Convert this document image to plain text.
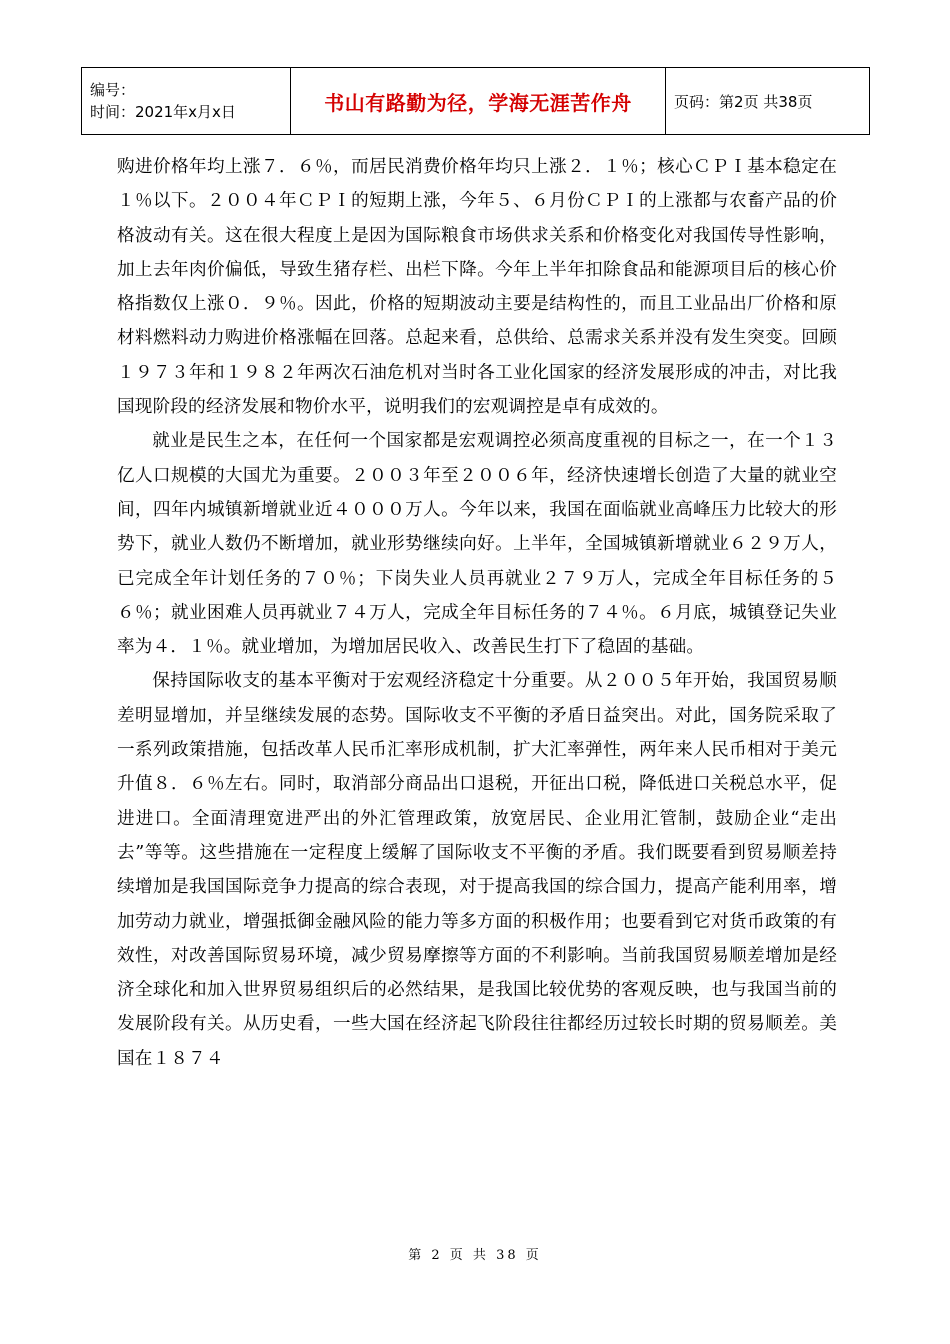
编号：
时间：2021年x月x日	书山有路勤为径，学海无涯苦作舟	页码：第2页 共38页

购进价格年均上涨７．６％，而居民消费价格年均只上涨２．１％；核心ＣＰＩ基本稳定在１％以下。２００４年ＣＰＩ的短期上涨，今年５、６月份ＣＰＩ的上涨都与农畜产品的价格波动有关。这在很大程度上是因为国际粮食市场供求关系和价格变化对我国传导性影响，加上去年肉价偏低，导致生猪存栏、出栏下降。今年上半年扣除食品和能源项目后的核心价格指数仅上涨０．９％。因此，价格的短期波动主要是结构性的，而且工业品出厂价格和原材料燃料动力购进价格涨幅在回落。总起来看，总供给、总需求关系并没有发生突变。回顾１９７３年和１９８２年两次石油危机对当时各工业化国家的经济发展形成的冲击，对比我国现阶段的经济发展和物价水平，说明我们的宏观调控是卓有成效的。

就业是民生之本，在任何一个国家都是宏观调控必须高度重视的目标之一，在一个１３亿人口规模的大国尤为重要。２００３年至２００６年，经济快速增长创造了大量的就业空间，四年内城镇新增就业近４０００万人。今年以来，我国在面临就业高峰压力比较大的形势下，就业人数仍不断增加，就业形势继续向好。上半年，全国城镇新增就业６２９万人，已完成全年计划任务的７０％；下岗失业人员再就业２７９万人，完成全年目标任务的５６％；就业困难人员再就业７４万人，完成全年目标任务的７４％。６月底，城镇登记失业率为４．１％。就业增加，为增加居民收入、改善民生打下了稳固的基础。

保持国际收支的基本平衡对于宏观经济稳定十分重要。从２００５年开始，我国贸易顺差明显增加，并呈继续发展的态势。国际收支不平衡的矛盾日益突出。对此，国务院采取了一系列政策措施，包括改革人民币汇率形成机制，扩大汇率弹性，两年来人民币相对于美元升值８．６％左右。同时，取消部分商品出口退税，开征出口税，降低进口关税总水平，促进进口。全面清理宽进严出的外汇管理政策，放宽居民、企业用汇管制，鼓励企业“走出去”等等。这些措施在一定程度上缓解了国际收支不平衡的矛盾。我们既要看到贸易顺差持续增加是我国国际竞争力提高的综合表现，对于提高我国的综合国力，提高产能利用率，增加劳动力就业，增强抵御金融风险的能力等多方面的积极作用；也要看到它对货币政策的有效性，对改善国际贸易环境，减少贸易摩擦等方面的不利影响。当前我国贸易顺差增加是经济全球化和加入世界贸易组织后的必然结果，是我国比较优势的客观反映，也与我国当前的发展阶段有关。从历史看，一些大国在经济起飞阶段往往都经历过较长时期的贸易顺差。美国在１８７４

第 2 页 共 38 页
